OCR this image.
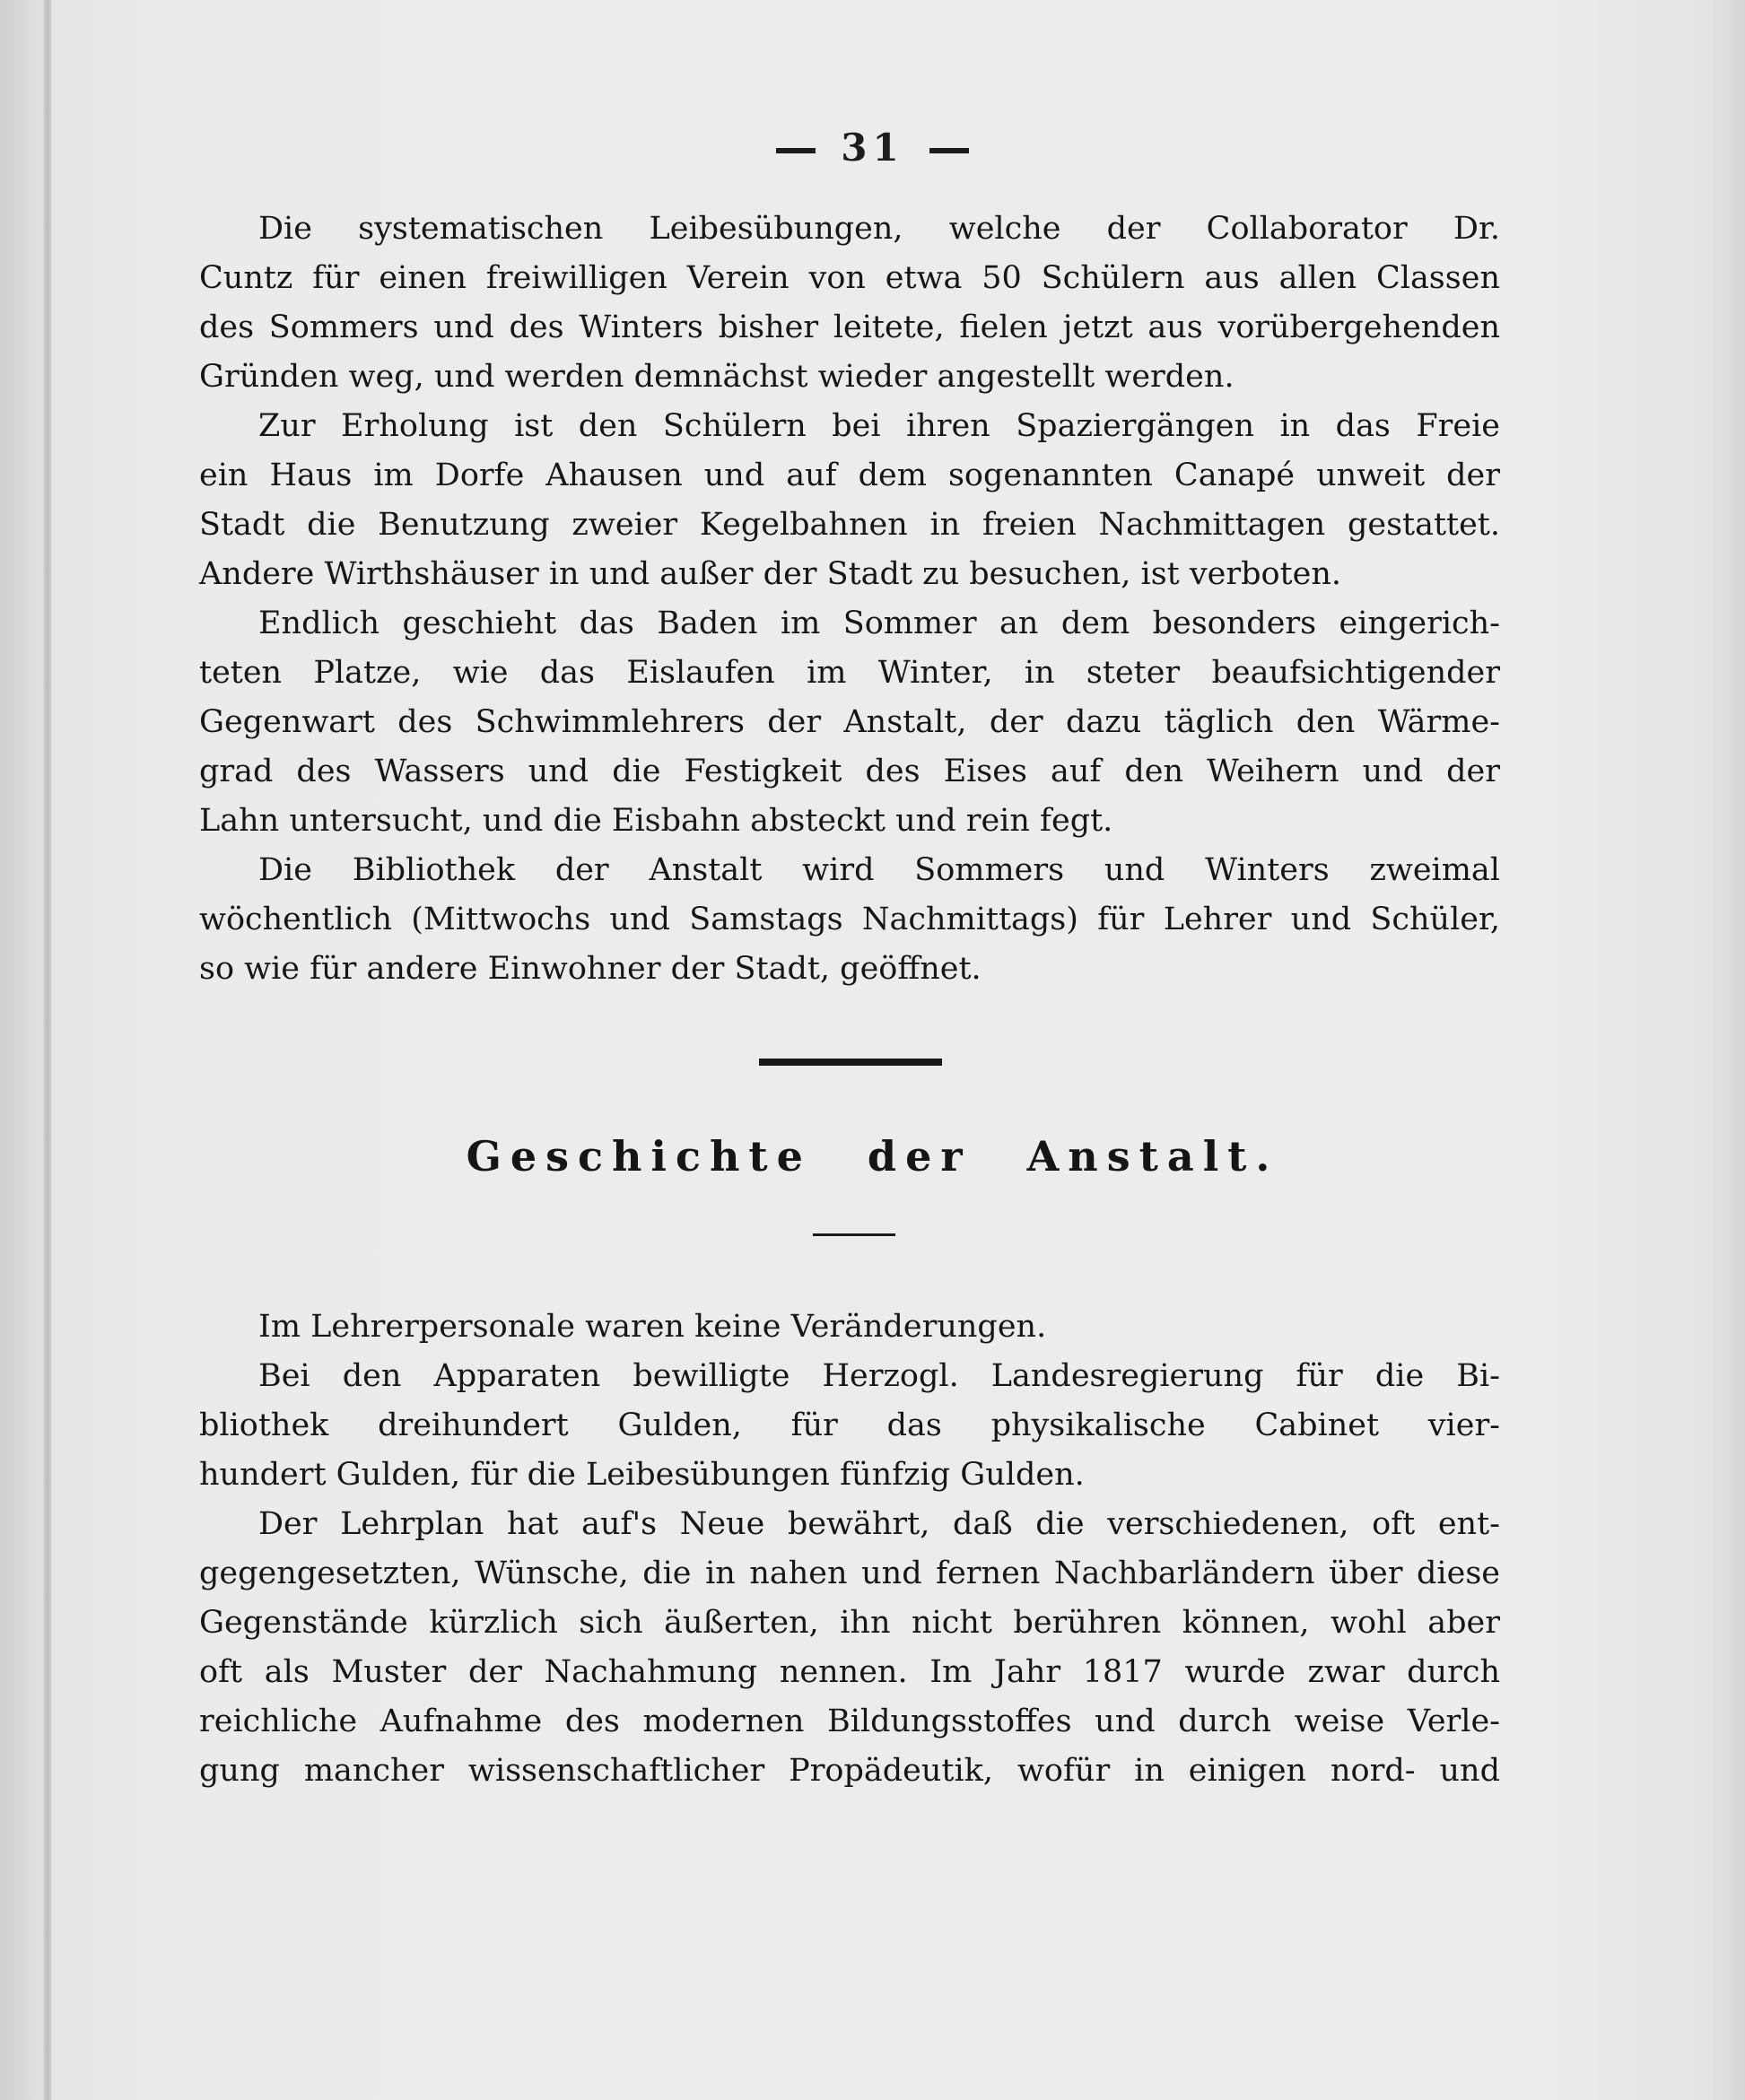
31
Die systematischen Leibesübungen, welche der Collaborator Dr.
Cuntz für einen freiwilligen Verein von etwa 50 Schülern aus allen Classen
des Sommers und des Winters bisher leitete, fielen jetzt aus vorübergehenden
Gründen weg, und werden demnächst wieder angestellt werden.
Zur Erholung ist den Schülern bei ihren Spaziergängen in das Freie
ein Haus im Dorfe Ahausen und auf dem sogenannten Canapé unweit der
Stadt die Benutzung zweier Kegelbahnen in freien Nachmittagen gestattet.
Andere Wirthshäuser in und außer der Stadt zu besuchen, ist verboten.
Endlich geschieht das Baden im Sommer an dem besonders eingerich-
teten Platze, wie das Eislaufen im Winter, in steter beaufsichtigender
Gegenwart des Schwimmlehrers der Anstalt, der dazu täglich den Wärme-
grad des Wassers und die Festigkeit des Eises auf den Weihern und der
Lahn untersucht, und die Eisbahn absteckt und rein fegt.
Die Bibliothek der Anstalt wird Sommers und Winters zweimal
wöchentlich (Mittwochs und Samstags Nachmittags) für Lehrer und Schüler,
so wie für andere Einwohner der Stadt, geöffnet.
Geschichte der Anstalt.
Im Lehrerpersonale waren keine Veränderungen.
Bei den Apparaten bewilligte Herzogl. Landesregierung für die Bi-
bliothek dreihundert Gulden, für das physikalische Cabinet vier-
hundert Gulden, für die Leibesübungen fünfzig Gulden.
Der Lehrplan hat auf's Neue bewährt, daß die verschiedenen, oft ent-
gegengesetzten, Wünsche, die in nahen und fernen Nachbarländern über diese
Gegenstände kürzlich sich äußerten, ihn nicht berühren können, wohl aber
oft als Muster der Nachahmung nennen. Im Jahr 1817 wurde zwar durch
reichliche Aufnahme des modernen Bildungsstoffes und durch weise Verle-
gung mancher wissenschaftlicher Propädeutik, wofür in einigen nord- und
